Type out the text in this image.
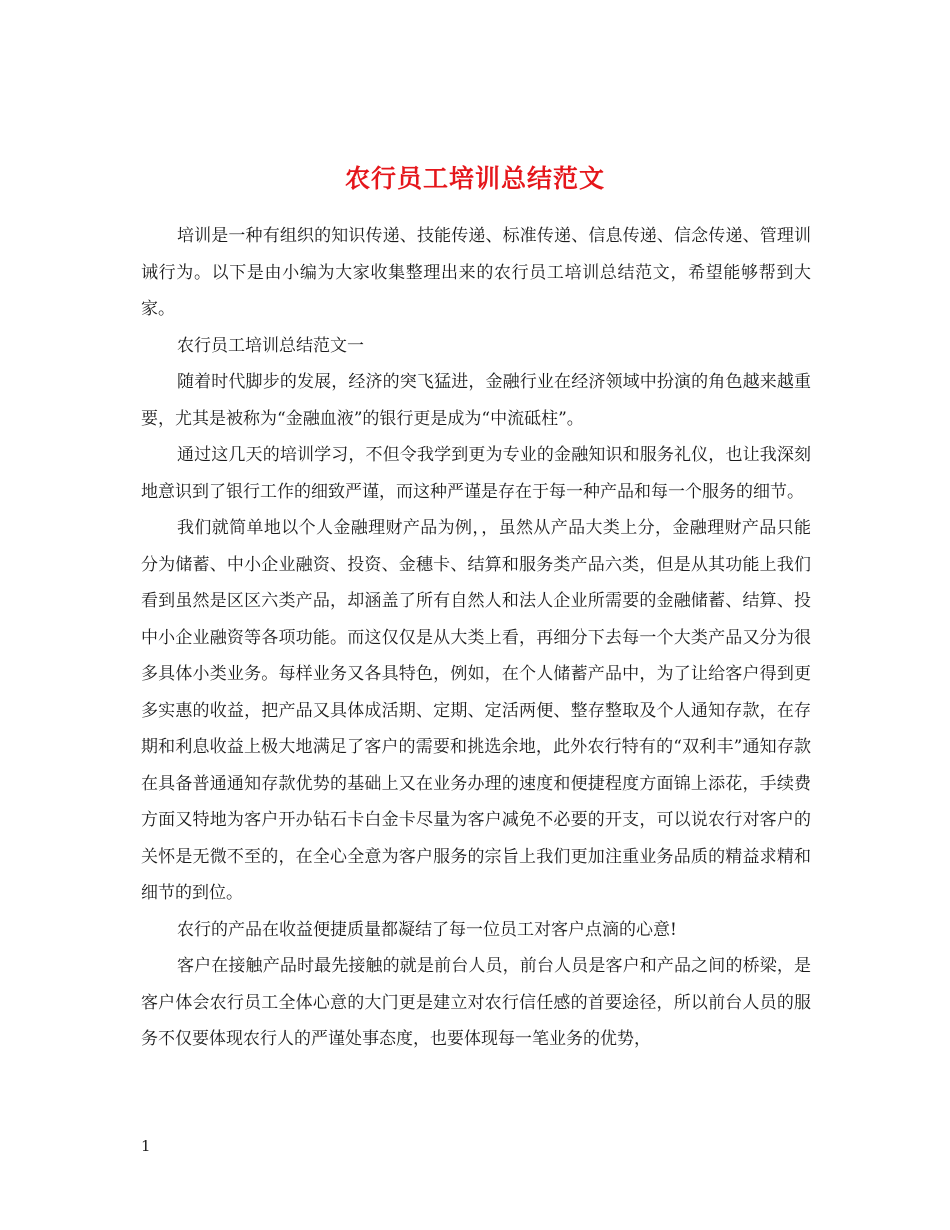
农行员工培训总结范文

培训是一种有组织的知识传递、技能传递、标准传递、信息传递、信念传递、管理训诫行为。以下是由小编为大家收集整理出来的农行员工培训总结范文，希望能够帮到大家。

农行员工培训总结范文一

随着时代脚步的发展，经济的突飞猛进，金融行业在经济领域中扮演的角色越来越重要，尤其是被称为“金融血液”的银行更是成为“中流砥柱”。

通过这几天的培训学习，不但令我学到更为专业的金融知识和服务礼仪，也让我深刻地意识到了银行工作的细致严谨，而这种严谨是存在于每一种产品和每一个服务的细节。

我们就简单地以个人金融理财产品为例，，虽然从产品大类上分，金融理财产品只能分为储蓄、中小企业融资、投资、金穗卡、结算和服务类产品六类，但是从其功能上我们看到虽然是区区六类产品，却涵盖了所有自然人和法人企业所需要的金融储蓄、结算、投中小企业融资等各项功能。而这仅仅是从大类上看，再细分下去每一个大类产品又分为很多具体小类业务。每样业务又各具特色，例如，在个人储蓄产品中，为了让给客户得到更多实惠的收益，把产品又具体成活期、定期、定活两便、整存整取及个人通知存款，在存期和利息收益上极大地满足了客户的需要和挑选余地，此外农行特有的“双利丰”通知存款在具备普通通知存款优势的基础上又在业务办理的速度和便捷程度方面锦上添花，手续费方面又特地为客户开办钻石卡白金卡尽量为客户减免不必要的开支，可以说农行对客户的关怀是无微不至的，在全心全意为客户服务的宗旨上我们更加注重业务品质的精益求精和细节的到位。

农行的产品在收益便捷质量都凝结了每一位员工对客户点滴的心意!

客户在接触产品时最先接触的就是前台人员，前台人员是客户和产品之间的桥梁，是客户体会农行员工全体心意的大门更是建立对农行信任感的首要途径，所以前台人员的服务不仅要体现农行人的严谨处事态度，也要体现每一笔业务的优势，

1
